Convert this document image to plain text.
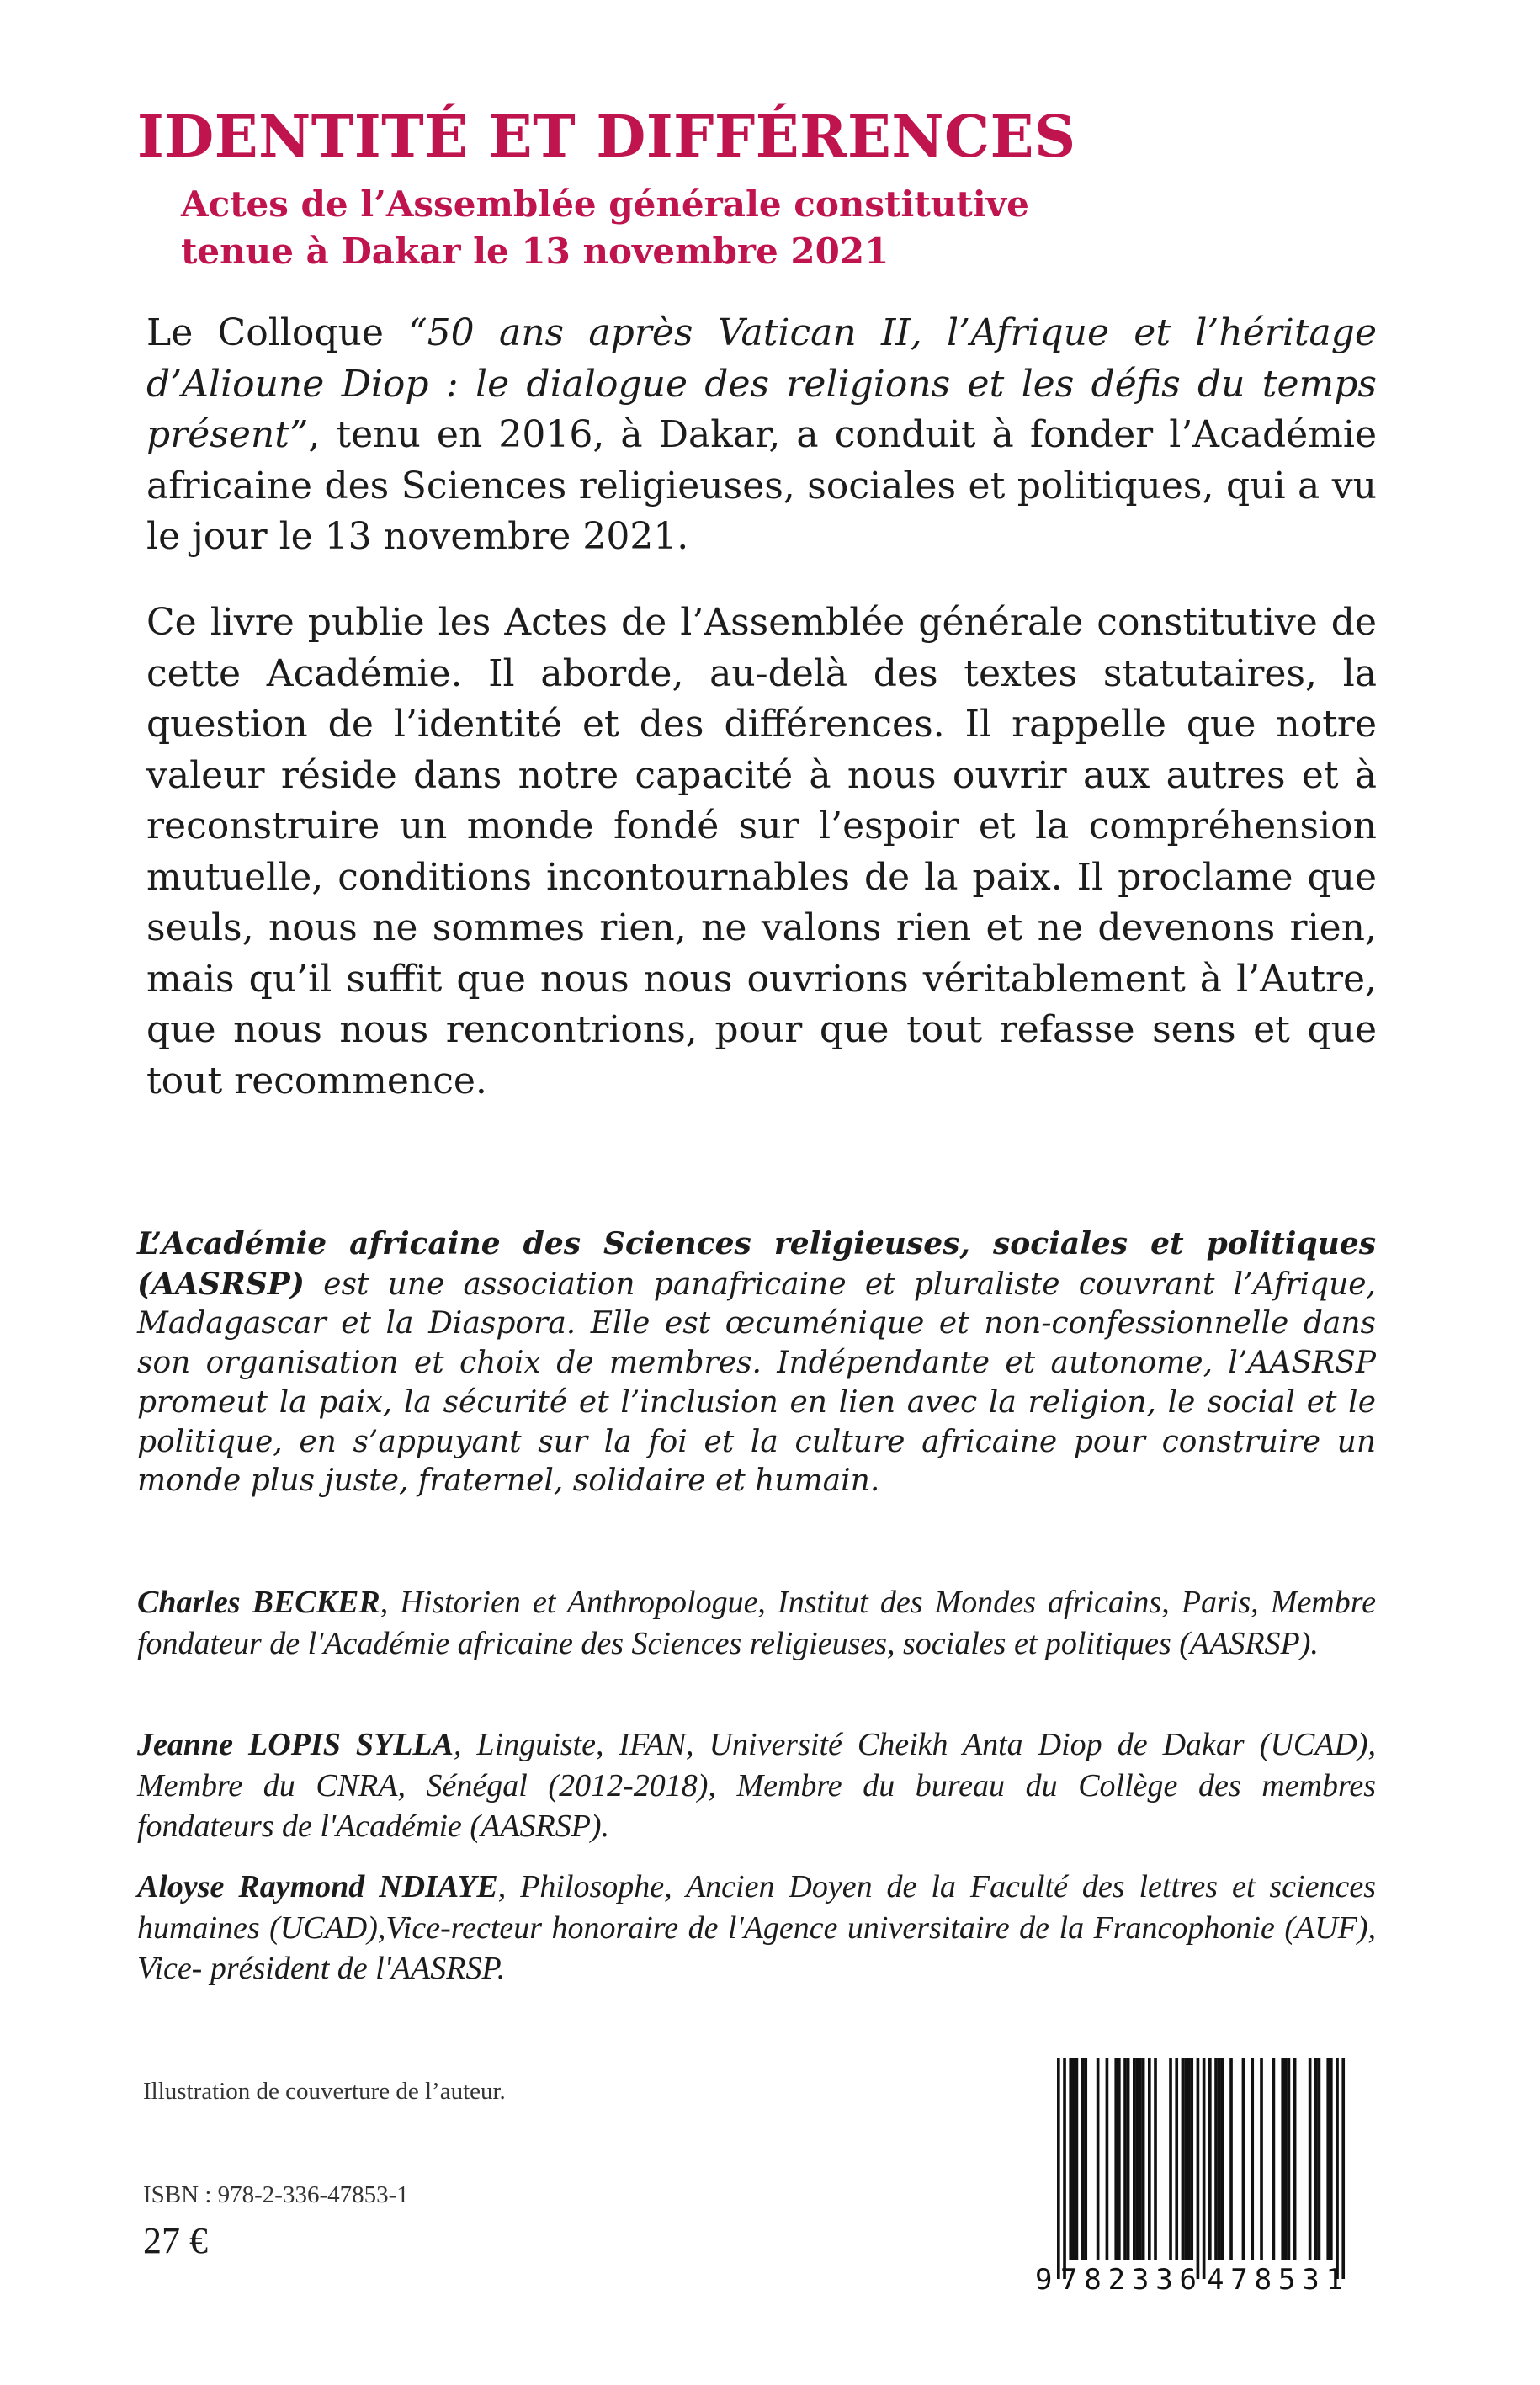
IDENTITÉ ET DIFFÉRENCES
Actes de l’Assemblée générale constitutive
tenue à Dakar le 13 novembre 2021

Le Colloque “50 ans après Vatican II, l’Afrique et l’héritage d’Alioune Diop : le dialogue des religions et les défis du temps présent”, tenu en 2016, à Dakar, a conduit à fonder l’Académie africaine des Sciences religieuses, sociales et politiques, qui a vu le jour le 13 novembre 2021.

Ce livre publie les Actes de l’Assemblée générale constitutive de cette Académie. Il aborde, au-delà des textes statutaires, la question de l’identité et des différences. Il rappelle que notre valeur réside dans notre capacité à nous ouvrir aux autres et à reconstruire un monde fondé sur l’espoir et la compréhension mutuelle, conditions incontournables de la paix. Il proclame que seuls, nous ne sommes rien, ne valons rien et ne devenons rien, mais qu’il suffit que nous nous ouvrions véritablement à l’Autre, que nous nous rencontrions, pour que tout refasse sens et que tout recommence.

L’Académie africaine des Sciences religieuses, sociales et politiques (AASRSP) est une association panafricaine et pluraliste couvrant l’Afrique, Madagascar et la Diaspora. Elle est œcuménique et non-confessionnelle dans son organisation et choix de membres. Indépendante et autonome, l’AASRSP promeut la paix, la sécurité et l’inclusion en lien avec la religion, le social et le politique, en s’appuyant sur la foi et la culture africaine pour construire un monde plus juste, fraternel, solidaire et humain.

Charles BECKER, Historien et Anthropologue, Institut des Mondes africains, Paris, Membre fondateur de l'Académie africaine des Sciences religieuses, sociales et politiques (AASRSP).

Jeanne LOPIS SYLLA, Linguiste, IFAN, Université Cheikh Anta Diop de Dakar (UCAD), Membre du CNRA, Sénégal (2012-2018), Membre du bureau du Collège des membres fondateurs de l'Académie (AASRSP).

Aloyse Raymond NDIAYE, Philosophe, Ancien Doyen de la Faculté des lettres et sciences humaines (UCAD),Vice-recteur honoraire de l'Agence universitaire de la Francophonie (AUF), Vice- président de l'AASRSP.

Illustration de couverture de l’auteur.

ISBN : 978-2-336-47853-1

27 €

9 782336 478531
